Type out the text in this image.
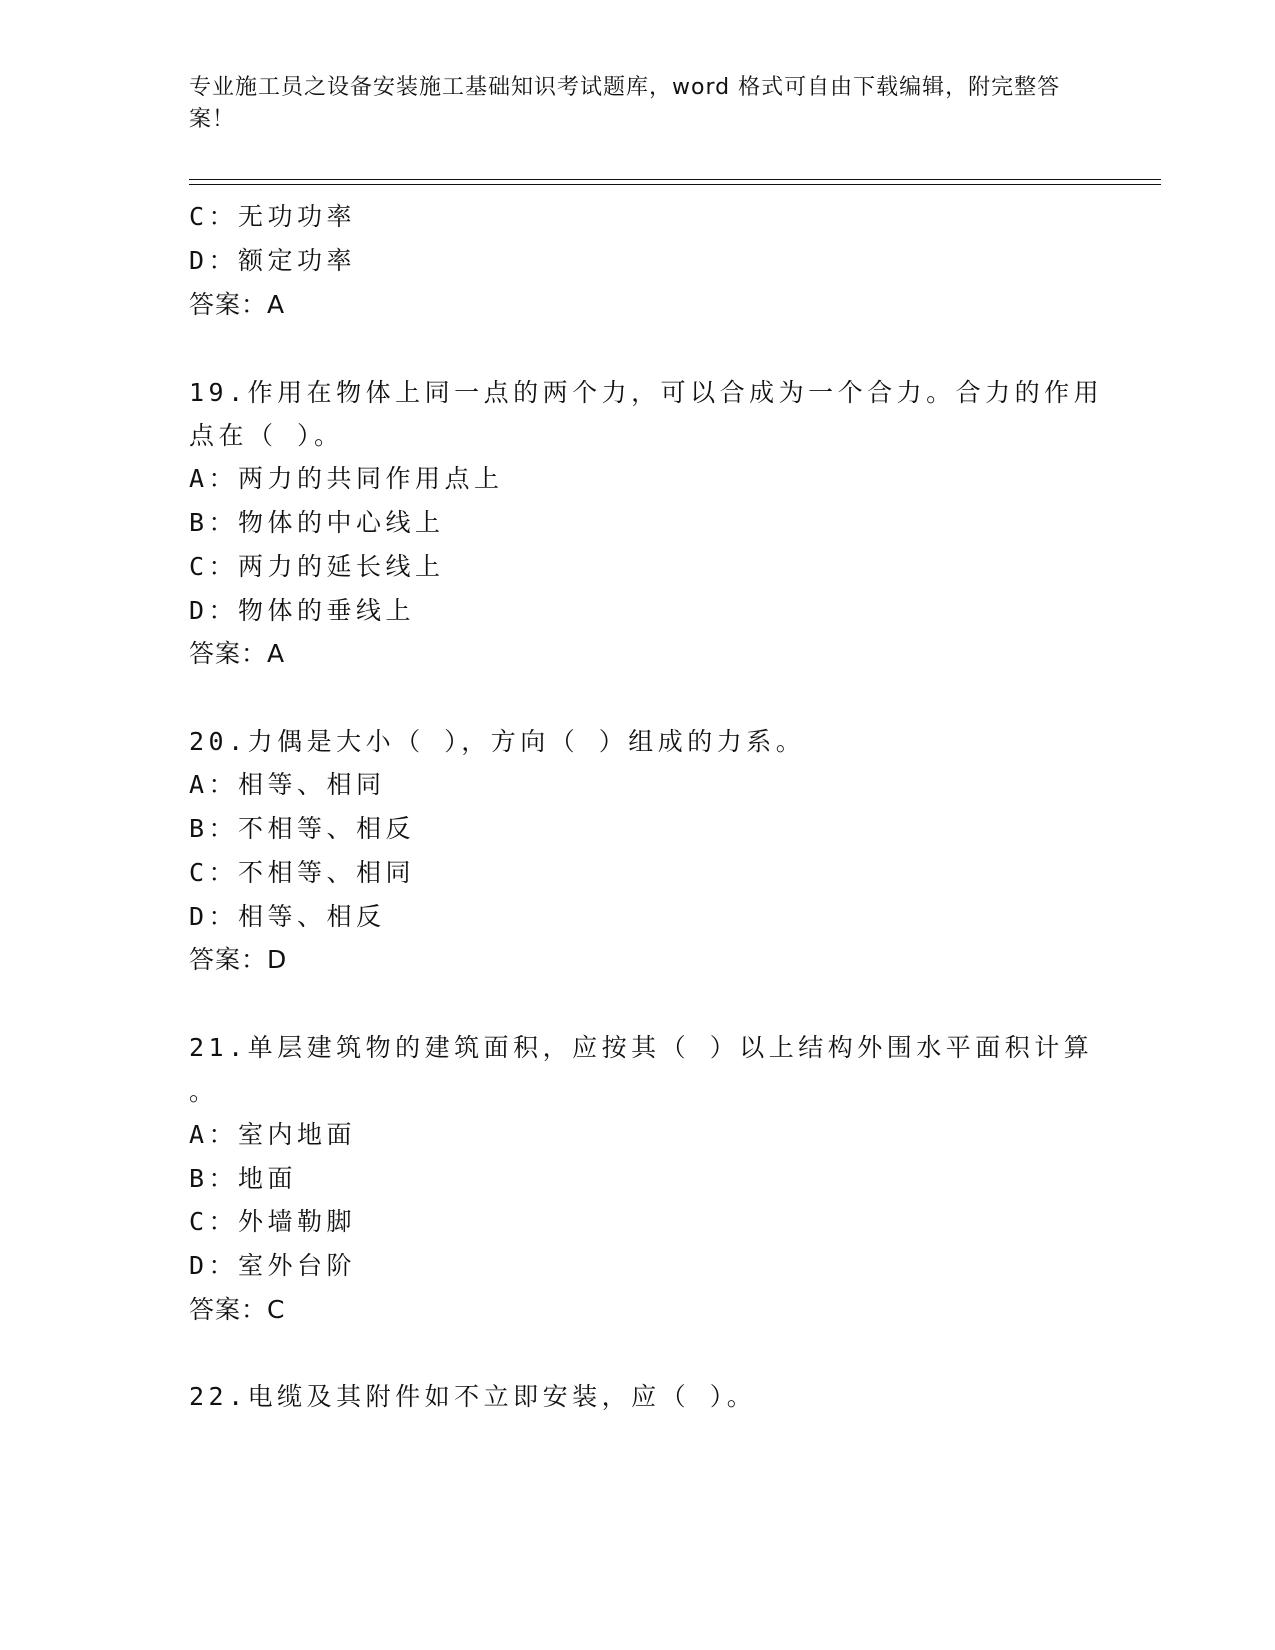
专业施工员之设备安装施工基础知识考试题库，word 格式可自由下载编辑，附完整答案！
C：无功功率
D：额定功率
答案：A
19.作用在物体上同一点的两个力，可以合成为一个合力。合力的作用
点在（ ）。
A：两力的共同作用点上
B：物体的中心线上
C：两力的延长线上
D：物体的垂线上
答案：A
20.力偶是大小（ ），方向（ ）组成的力系。
A：相等、相同
B：不相等、相反
C：不相等、相同
D：相等、相反
答案：D
21.单层建筑物的建筑面积，应按其（ ）以上结构外围水平面积计算
。
A：室内地面
B：地面
C：外墙勒脚
D：室外台阶
答案：C
22.电缆及其附件如不立即安装，应（ ）。
